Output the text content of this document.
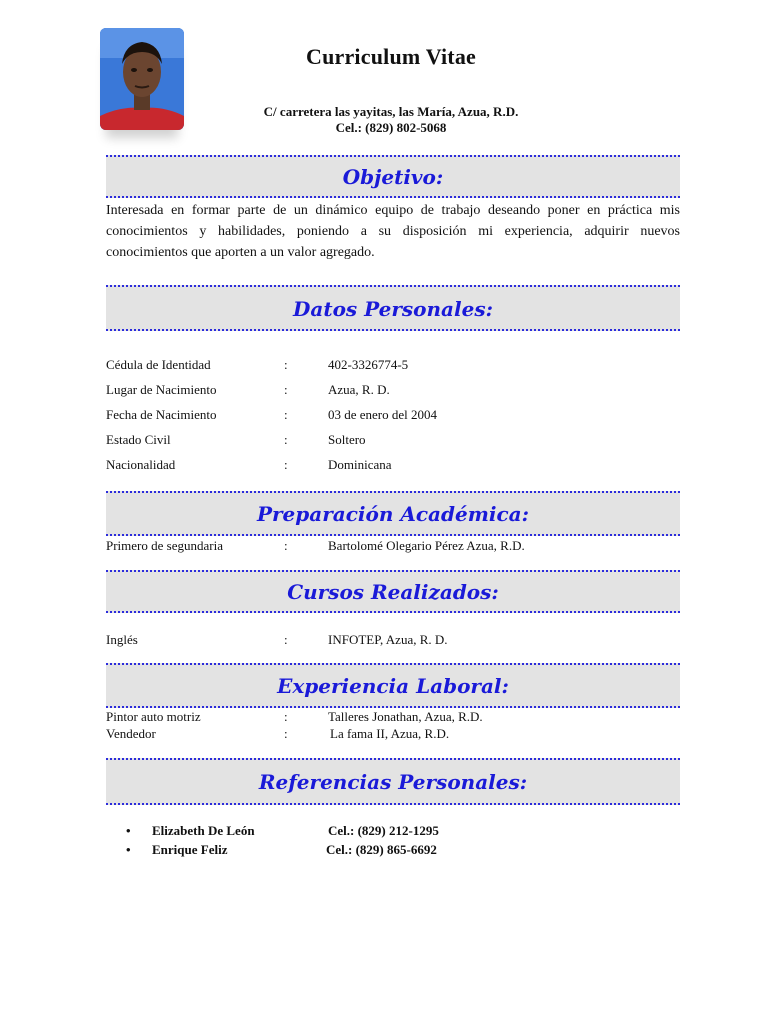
Curriculum Vitae
C/ carretera las yayitas, las María, Azua, R.D.
Cel.: (829) 802-5068
Objetivo:
Interesada en formar parte de un dinámico equipo de trabajo deseando poner en práctica mis conocimientos y habilidades, poniendo a su disposición mi experiencia, adquirir nuevos conocimientos que aporten a un valor agregado.
Datos Personales:
Cédula de Identidad	:	402-3326774-5
Lugar de Nacimiento	:	Azua, R. D.
Fecha de Nacimiento	:	03 de enero del 2004
Estado Civil	:	Soltero
Nacionalidad	:	Dominicana
Preparación Académica:
Primero de segundaria	:	Bartolomé Olegario Pérez Azua, R.D.
Cursos Realizados:
Inglés	:	INFOTEP, Azua, R. D.
Experiencia Laboral:
Pintor auto motriz	:	Talleres Jonathan, Azua, R.D.
Vendedor	:	La fama II, Azua, R.D.
Referencias Personales:
• Elizabeth De León	Cel.: (829) 212-1295
• Enrique Feliz	Cel.: (829) 865-6692
